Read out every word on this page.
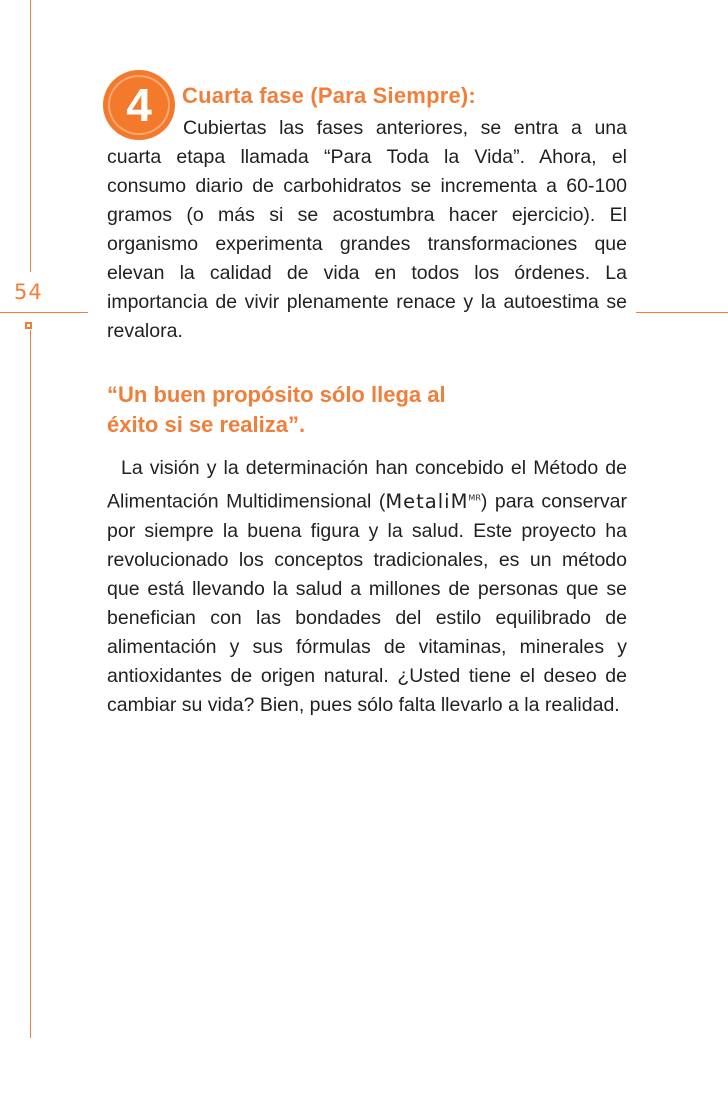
54
4 Cuarta fase (Para Siempre):

Cubiertas las fases anteriores, se entra a una cuarta etapa llamada “Para Toda la Vida”. Ahora, el consumo diario de carbohidratos se incrementa a 60-100 gramos (o más si se acostumbra hacer ejercicio). El organismo experimenta grandes transformaciones que elevan la calidad de vida en todos los órdenes. La importancia de vivir plenamente renace y la autoestima se revalora.

“Un buen propósito sólo llega al
éxito si se realiza”.

La visión y la determinación han concebido el Método de Alimentación Multidimensional (MetaliM$^{MR}$) para conservar por siempre la buena figura y la salud. Este proyecto ha revolucionado los conceptos tradicionales, es un método que está llevando la salud a millones de personas que se benefician con las bondades del estilo equilibrado de alimentación y sus fórmulas de vitaminas, minerales y antioxidantes de origen natural. ¿Usted tiene el deseo de cambiar su vida? Bien, pues sólo falta llevarlo a la realidad.
